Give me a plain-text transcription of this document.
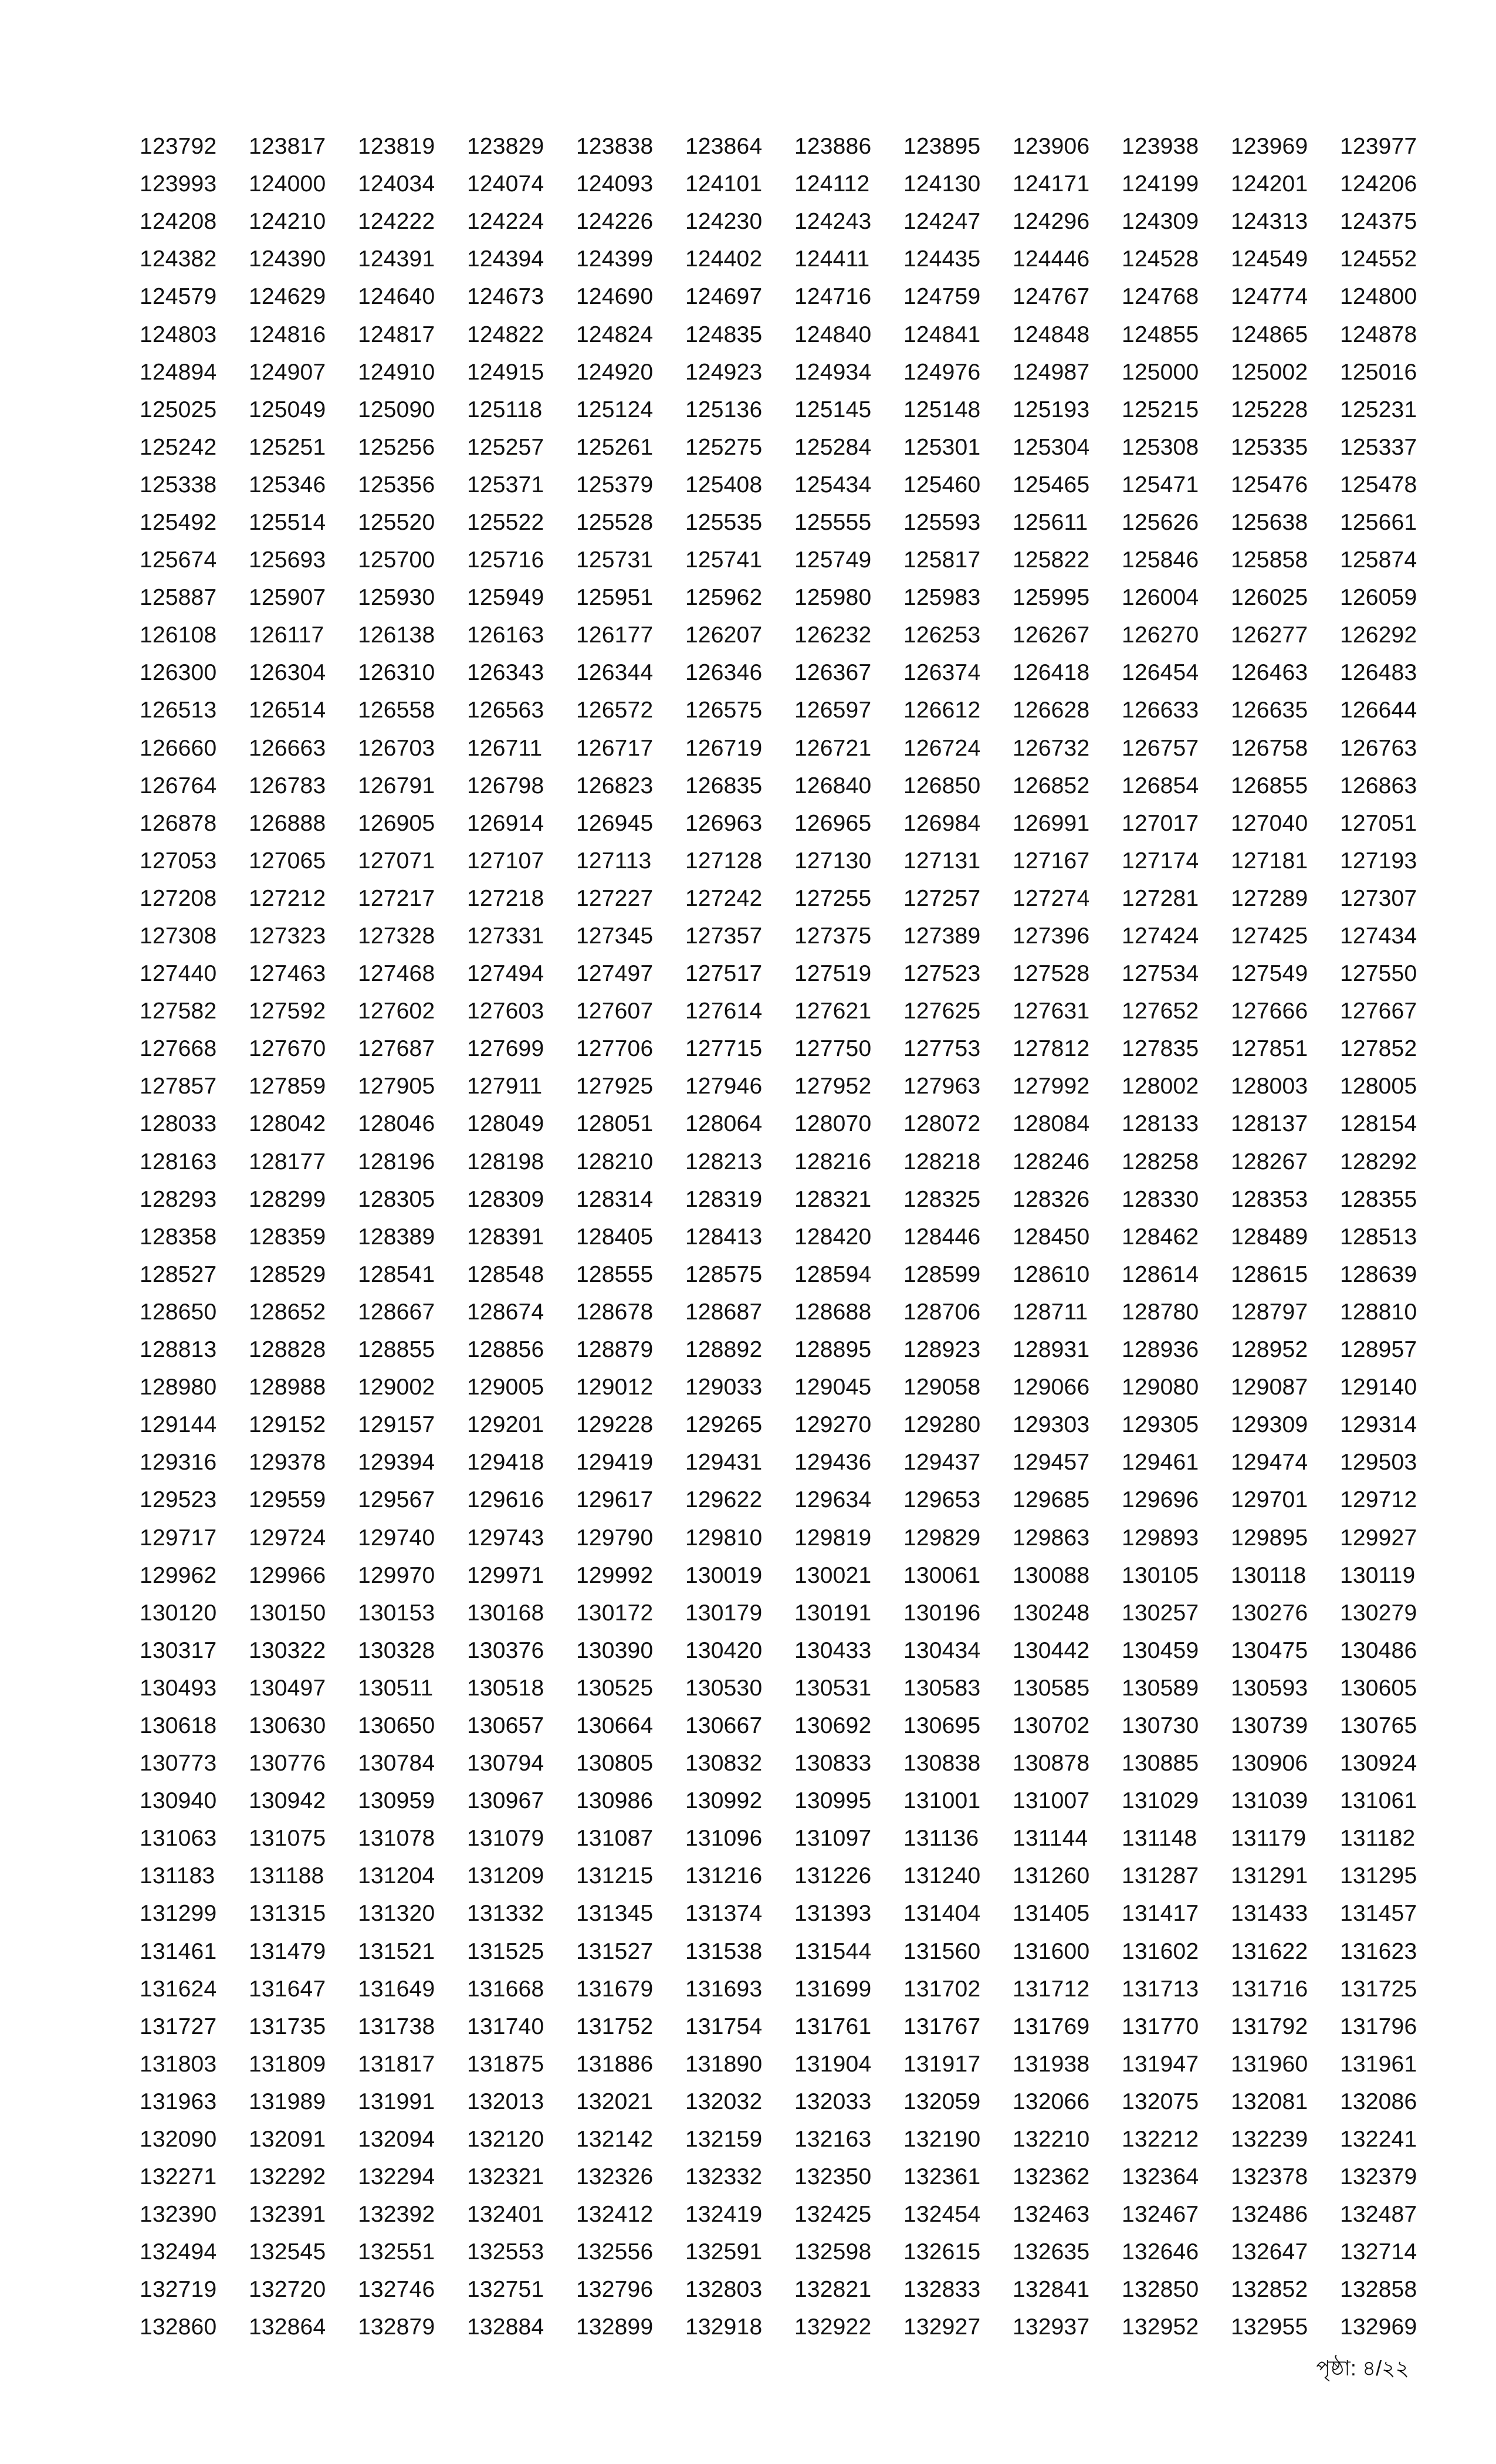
123792	123817	123819	123829	123838	123864	123886	123895	123906	123938	123969	123977
123993	124000	124034	124074	124093	124101	124112	124130	124171	124199	124201	124206
124208	124210	124222	124224	124226	124230	124243	124247	124296	124309	124313	124375
124382	124390	124391	124394	124399	124402	124411	124435	124446	124528	124549	124552
124579	124629	124640	124673	124690	124697	124716	124759	124767	124768	124774	124800
124803	124816	124817	124822	124824	124835	124840	124841	124848	124855	124865	124878
124894	124907	124910	124915	124920	124923	124934	124976	124987	125000	125002	125016
125025	125049	125090	125118	125124	125136	125145	125148	125193	125215	125228	125231
125242	125251	125256	125257	125261	125275	125284	125301	125304	125308	125335	125337
125338	125346	125356	125371	125379	125408	125434	125460	125465	125471	125476	125478
125492	125514	125520	125522	125528	125535	125555	125593	125611	125626	125638	125661
125674	125693	125700	125716	125731	125741	125749	125817	125822	125846	125858	125874
125887	125907	125930	125949	125951	125962	125980	125983	125995	126004	126025	126059
126108	126117	126138	126163	126177	126207	126232	126253	126267	126270	126277	126292
126300	126304	126310	126343	126344	126346	126367	126374	126418	126454	126463	126483
126513	126514	126558	126563	126572	126575	126597	126612	126628	126633	126635	126644
126660	126663	126703	126711	126717	126719	126721	126724	126732	126757	126758	126763
126764	126783	126791	126798	126823	126835	126840	126850	126852	126854	126855	126863
126878	126888	126905	126914	126945	126963	126965	126984	126991	127017	127040	127051
127053	127065	127071	127107	127113	127128	127130	127131	127167	127174	127181	127193
127208	127212	127217	127218	127227	127242	127255	127257	127274	127281	127289	127307
127308	127323	127328	127331	127345	127357	127375	127389	127396	127424	127425	127434
127440	127463	127468	127494	127497	127517	127519	127523	127528	127534	127549	127550
127582	127592	127602	127603	127607	127614	127621	127625	127631	127652	127666	127667
127668	127670	127687	127699	127706	127715	127750	127753	127812	127835	127851	127852
127857	127859	127905	127911	127925	127946	127952	127963	127992	128002	128003	128005
128033	128042	128046	128049	128051	128064	128070	128072	128084	128133	128137	128154
128163	128177	128196	128198	128210	128213	128216	128218	128246	128258	128267	128292
128293	128299	128305	128309	128314	128319	128321	128325	128326	128330	128353	128355
128358	128359	128389	128391	128405	128413	128420	128446	128450	128462	128489	128513
128527	128529	128541	128548	128555	128575	128594	128599	128610	128614	128615	128639
128650	128652	128667	128674	128678	128687	128688	128706	128711	128780	128797	128810
128813	128828	128855	128856	128879	128892	128895	128923	128931	128936	128952	128957
128980	128988	129002	129005	129012	129033	129045	129058	129066	129080	129087	129140
129144	129152	129157	129201	129228	129265	129270	129280	129303	129305	129309	129314
129316	129378	129394	129418	129419	129431	129436	129437	129457	129461	129474	129503
129523	129559	129567	129616	129617	129622	129634	129653	129685	129696	129701	129712
129717	129724	129740	129743	129790	129810	129819	129829	129863	129893	129895	129927
129962	129966	129970	129971	129992	130019	130021	130061	130088	130105	130118	130119
130120	130150	130153	130168	130172	130179	130191	130196	130248	130257	130276	130279
130317	130322	130328	130376	130390	130420	130433	130434	130442	130459	130475	130486
130493	130497	130511	130518	130525	130530	130531	130583	130585	130589	130593	130605
130618	130630	130650	130657	130664	130667	130692	130695	130702	130730	130739	130765
130773	130776	130784	130794	130805	130832	130833	130838	130878	130885	130906	130924
130940	130942	130959	130967	130986	130992	130995	131001	131007	131029	131039	131061
131063	131075	131078	131079	131087	131096	131097	131136	131144	131148	131179	131182
131183	131188	131204	131209	131215	131216	131226	131240	131260	131287	131291	131295
131299	131315	131320	131332	131345	131374	131393	131404	131405	131417	131433	131457
131461	131479	131521	131525	131527	131538	131544	131560	131600	131602	131622	131623
131624	131647	131649	131668	131679	131693	131699	131702	131712	131713	131716	131725
131727	131735	131738	131740	131752	131754	131761	131767	131769	131770	131792	131796
131803	131809	131817	131875	131886	131890	131904	131917	131938	131947	131960	131961
131963	131989	131991	132013	132021	132032	132033	132059	132066	132075	132081	132086
132090	132091	132094	132120	132142	132159	132163	132190	132210	132212	132239	132241
132271	132292	132294	132321	132326	132332	132350	132361	132362	132364	132378	132379
132390	132391	132392	132401	132412	132419	132425	132454	132463	132467	132486	132487
132494	132545	132551	132553	132556	132591	132598	132615	132635	132646	132647	132714
132719	132720	132746	132751	132796	132803	132821	132833	132841	132850	132852	132858
132860	132864	132879	132884	132899	132918	132922	132927	132937	132952	132955	132969
পৃষ্ঠা: ৪/২২
